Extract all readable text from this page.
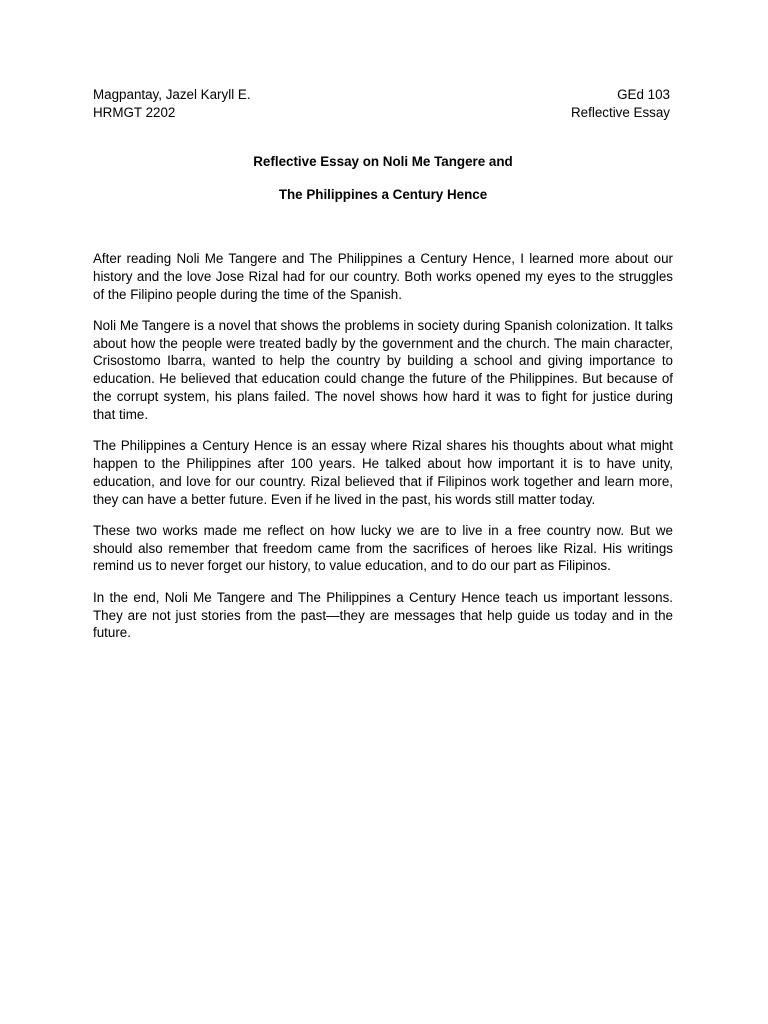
Magpantay, Jazel Karyll E.	GEd 103
HRMGT 2202	Reflective Essay
Reflective Essay on Noli Me Tangere and
The Philippines a Century Hence

After reading Noli Me Tangere and The Philippines a Century Hence, I learned more about our history and the love Jose Rizal had for our country. Both works opened my eyes to the struggles of the Filipino people during the time of the Spanish.

Noli Me Tangere is a novel that shows the problems in society during Spanish colonization. It talks about how the people were treated badly by the government and the church. The main character, Crisostomo Ibarra, wanted to help the country by building a school and giving importance to education. He believed that education could change the future of the Philippines. But because of the corrupt system, his plans failed. The novel shows how hard it was to fight for justice during that time.

The Philippines a Century Hence is an essay where Rizal shares his thoughts about what might happen to the Philippines after 100 years. He talked about how important it is to have unity, education, and love for our country. Rizal believed that if Filipinos work together and learn more, they can have a better future. Even if he lived in the past, his words still matter today.

These two works made me reflect on how lucky we are to live in a free country now. But we should also remember that freedom came from the sacrifices of heroes like Rizal. His writings remind us to never forget our history, to value education, and to do our part as Filipinos.

In the end, Noli Me Tangere and The Philippines a Century Hence teach us important lessons. They are not just stories from the past—they are messages that help guide us today and in the future.
